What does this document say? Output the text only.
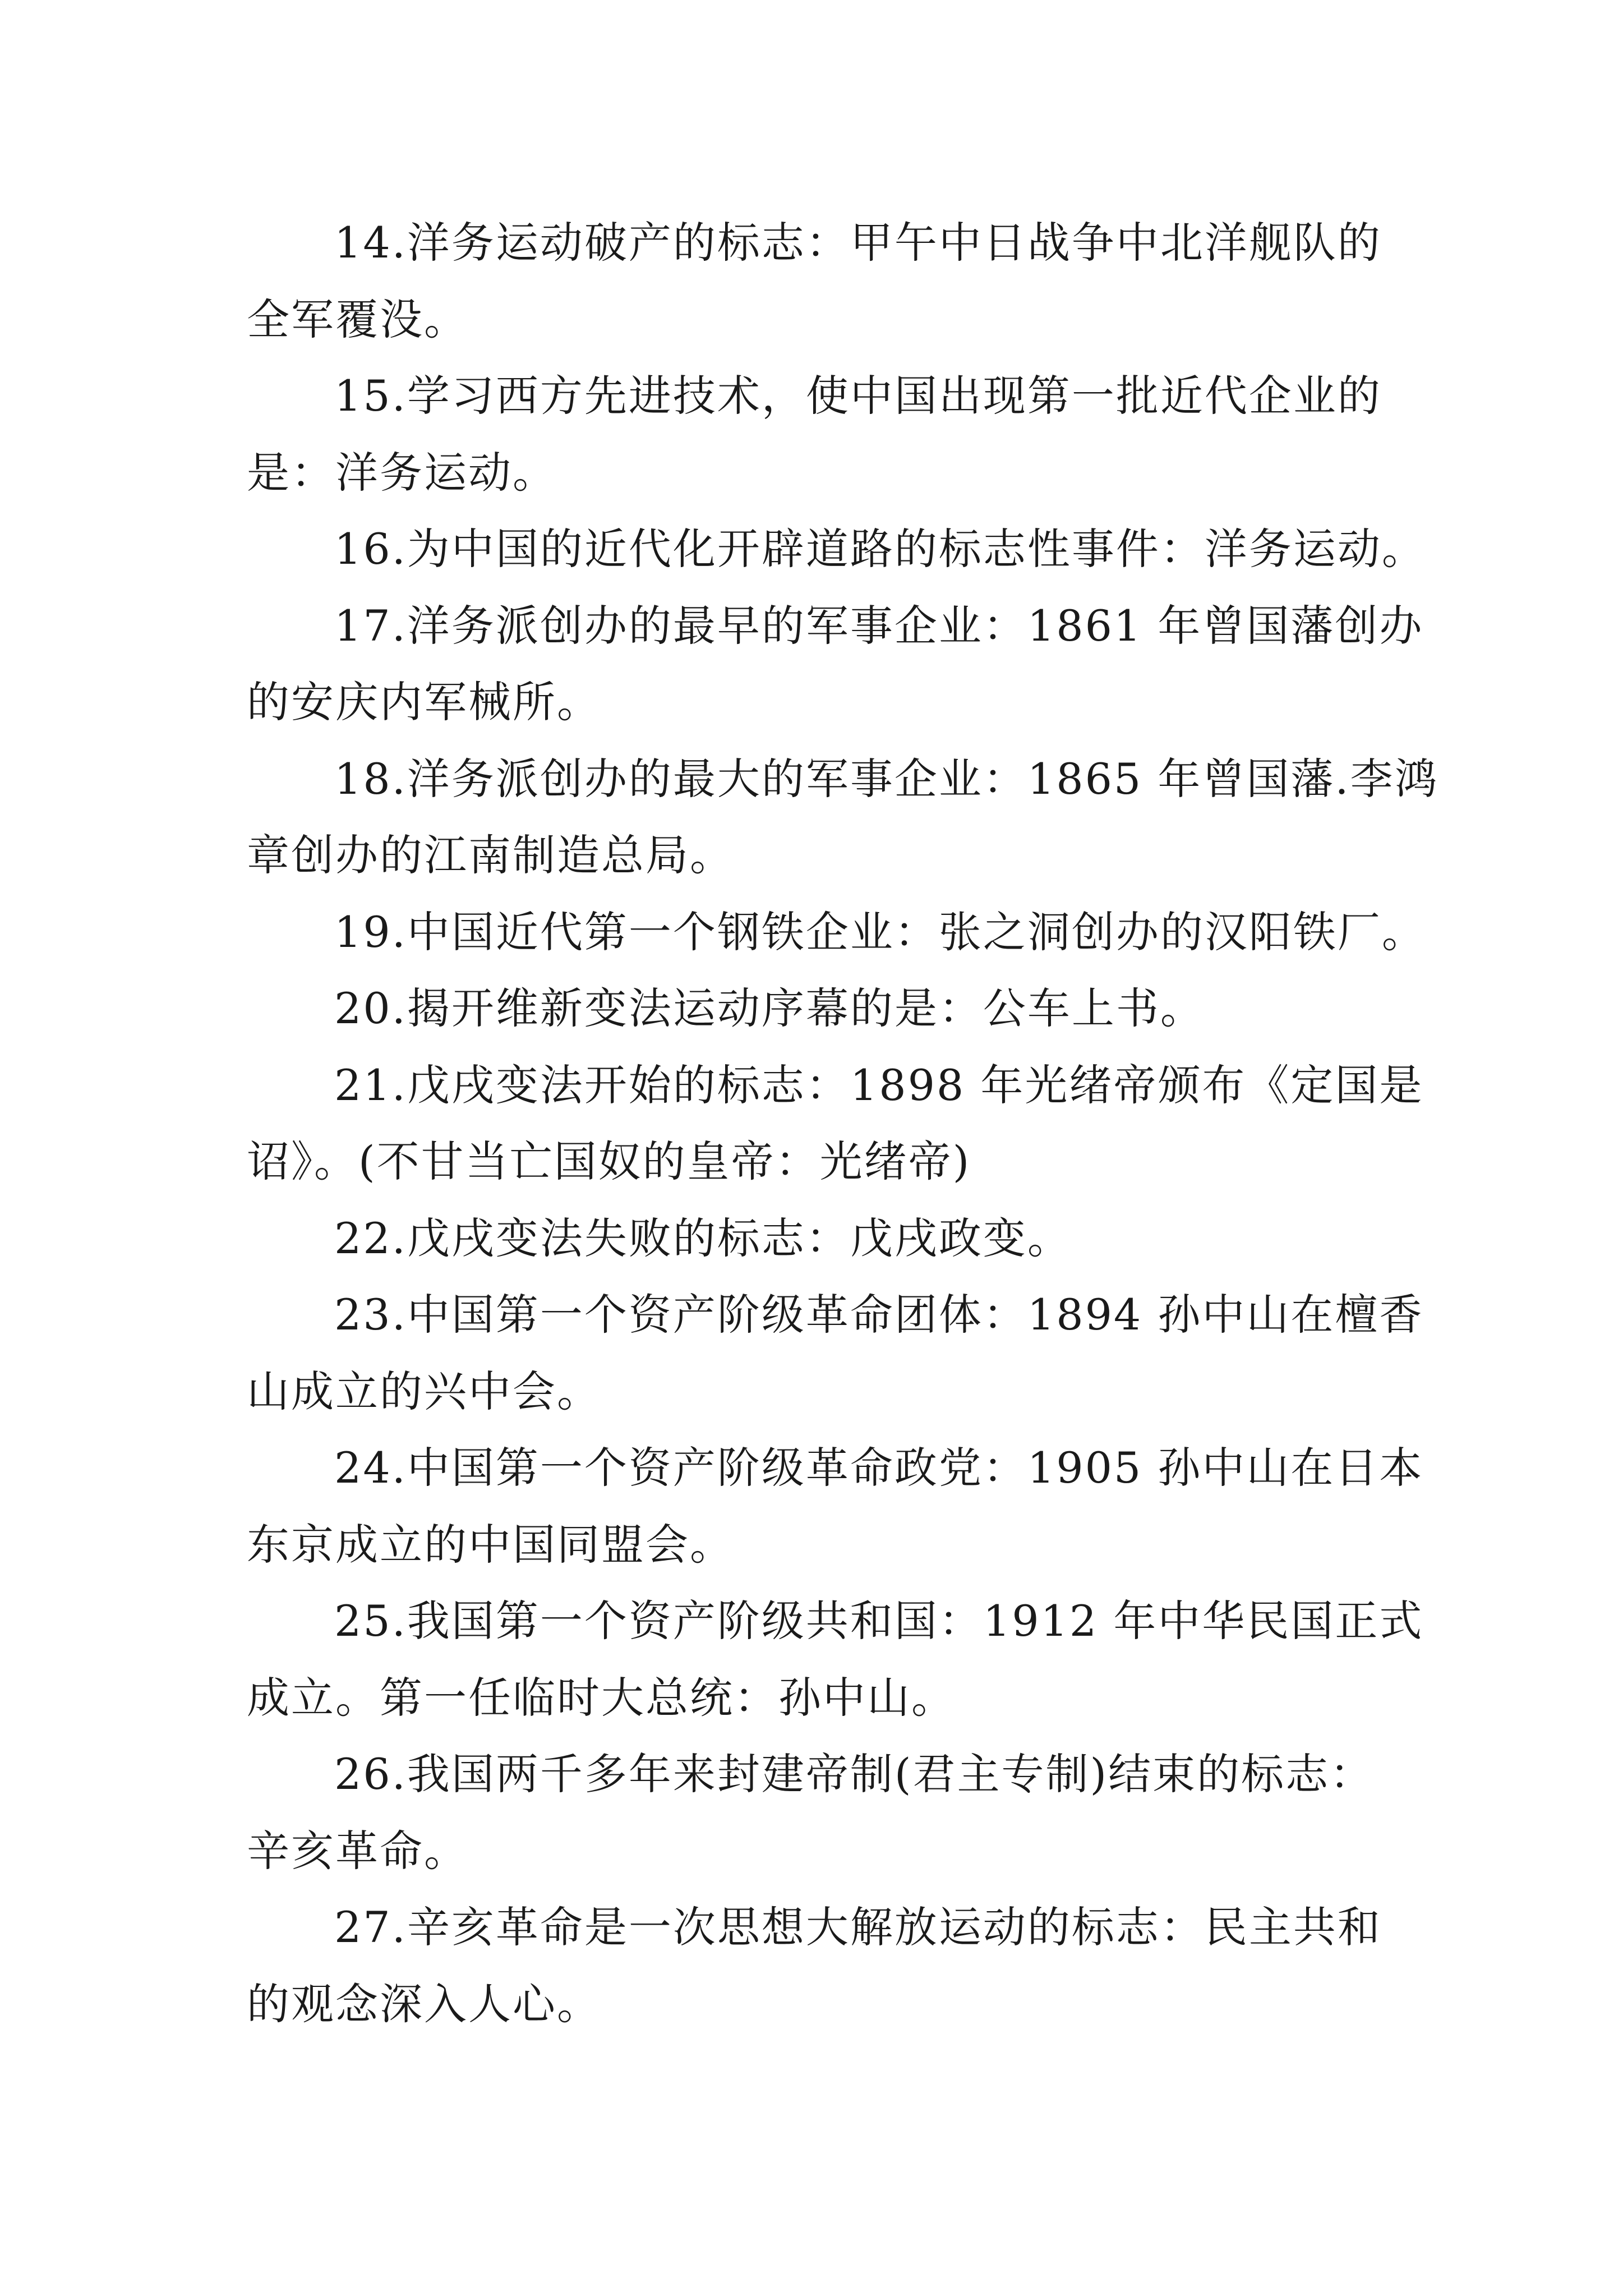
14.洋务运动破产的标志：甲午中日战争中北洋舰队的
全军覆没。
15.学习西方先进技术，使中国出现第一批近代企业的
是：洋务运动。
16.为中国的近代化开辟道路的标志性事件：洋务运动。
17.洋务派创办的最早的军事企业：1861 年曾国藩创办
的安庆内军械所。
18.洋务派创办的最大的军事企业：1865 年曾国藩.李鸿
章创办的江南制造总局。
19.中国近代第一个钢铁企业：张之洞创办的汉阳铁厂。
20.揭开维新变法运动序幕的是：公车上书。
21.戊戌变法开始的标志：1898 年光绪帝颁布《定国是
诏》。(不甘当亡国奴的皇帝：光绪帝)
22.戊戌变法失败的标志：戊戌政变。
23.中国第一个资产阶级革命团体：1894 孙中山在檀香
山成立的兴中会。
24.中国第一个资产阶级革命政党：1905 孙中山在日本
东京成立的中国同盟会。
25.我国第一个资产阶级共和国：1912 年中华民国正式
成立。第一任临时大总统：孙中山。
26.我国两千多年来封建帝制(君主专制)结束的标志：
辛亥革命。
27.辛亥革命是一次思想大解放运动的标志：民主共和
的观念深入人心。
